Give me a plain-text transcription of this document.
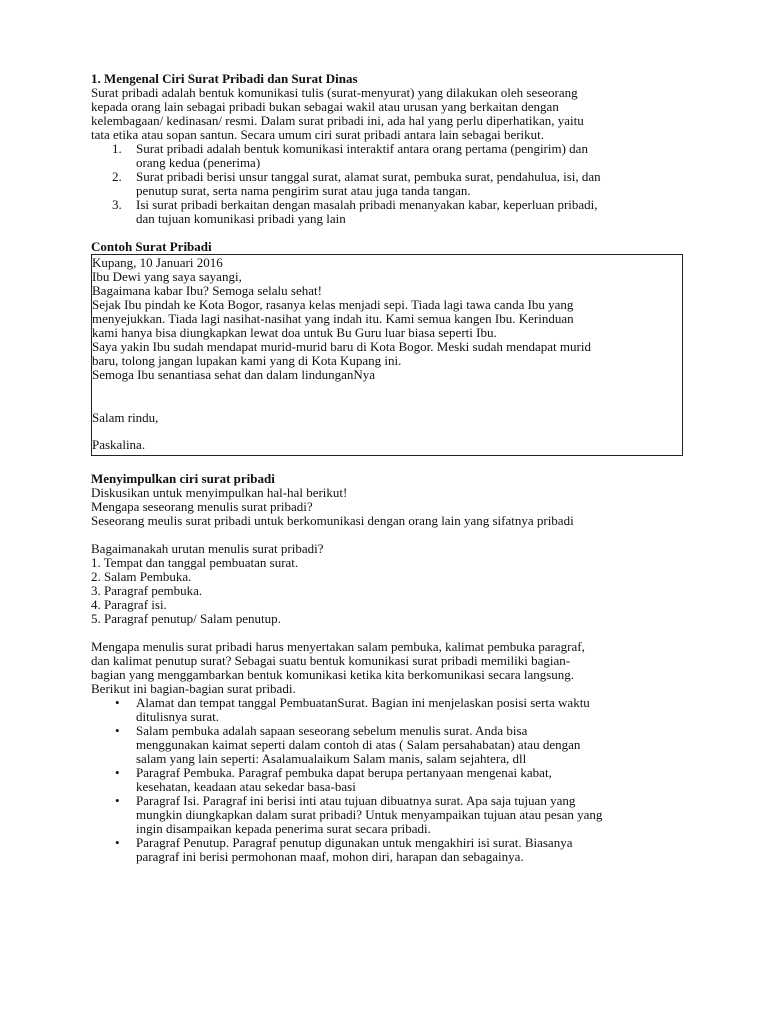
1. Mengenal Ciri Surat Pribadi dan Surat Dinas

Surat pribadi adalah bentuk komunikasi tulis (surat-menyurat) yang dilakukan oleh seseorang

kepada orang lain sebagai pribadi bukan sebagai wakil atau urusan yang berkaitan dengan

kelembagaan/ kedinasan/ resmi. Dalam surat pribadi ini, ada hal yang perlu diperhatikan, yaitu

tata etika atau sopan santun. Secara umum ciri surat pribadi antara lain sebagai berikut.

1. Surat pribadi adalah bentuk komunikasi interaktif antara orang pertama (pengirim) dan

orang kedua (penerima)

2. Surat pribadi berisi unsur tanggal surat, alamat surat, pembuka surat, pendahulua, isi, dan

penutup surat, serta nama pengirim surat atau juga tanda tangan.

3. Isi surat pribadi berkaitan dengan masalah pribadi menanyakan kabar, keperluan pribadi,

dan tujuan komunikasi pribadi yang lain

Contoh Surat Pribadi

Kupang, 10 Januari 2016

Ibu Dewi yang saya sayangi,

Bagaimana kabar Ibu? Semoga selalu sehat!

Sejak Ibu pindah ke Kota Bogor, rasanya kelas menjadi sepi. Tiada lagi tawa canda Ibu yang

menyejukkan. Tiada lagi nasihat-nasihat yang indah itu. Kami semua kangen Ibu. Kerinduan

kami hanya bisa diungkapkan lewat doa untuk Bu Guru luar biasa seperti Ibu.

Saya yakin Ibu sudah mendapat murid-murid baru di Kota Bogor. Meski sudah mendapat murid

baru, tolong jangan lupakan kami yang di Kota Kupang ini.

Semoga Ibu senantiasa sehat dan dalam lindunganNya

Salam rindu,

Paskalina.

Menyimpulkan ciri surat pribadi

Diskusikan untuk menyimpulkan hal-hal berikut!

Mengapa seseorang menulis surat pribadi?

Seseorang meulis surat pribadi untuk berkomunikasi dengan orang lain yang sifatnya pribadi

Bagaimanakah urutan menulis surat pribadi?

1. Tempat dan tanggal pembuatan surat.

2. Salam Pembuka.

3. Paragraf pembuka.

4. Paragraf isi.

5. Paragraf penutup/ Salam penutup.

Mengapa menulis surat pribadi harus menyertakan salam pembuka, kalimat pembuka paragraf,

dan kalimat penutup surat? Sebagai suatu bentuk komunikasi surat pribadi memiliki bagian-

bagian yang menggambarkan bentuk komunikasi ketika kita berkomunikasi secara langsung.

Berikut ini bagian-bagian surat pribadi.

• Alamat dan tempat tanggal PembuatanSurat. Bagian ini menjelaskan posisi serta waktu

ditulisnya surat.

• Salam pembuka adalah sapaan seseorang sebelum menulis surat. Anda bisa

menggunakan kaimat seperti dalam contoh di atas ( Salam persahabatan) atau dengan

salam yang lain seperti: Asalamualaikum Salam manis, salam sejahtera, dll

• Paragraf Pembuka. Paragraf pembuka dapat berupa pertanyaan mengenai kabat,

kesehatan, keadaan atau sekedar basa-basi

• Paragraf Isi. Paragraf ini berisi inti atau tujuan dibuatnya surat. Apa saja tujuan yang

mungkin diungkapkan dalam surat pribadi? Untuk menyampaikan tujuan atau pesan yang

ingin disampaikan kepada penerima surat secara pribadi.

• Paragraf Penutup. Paragraf penutup digunakan untuk mengakhiri isi surat. Biasanya

paragraf ini berisi permohonan maaf, mohon diri, harapan dan sebagainya.
